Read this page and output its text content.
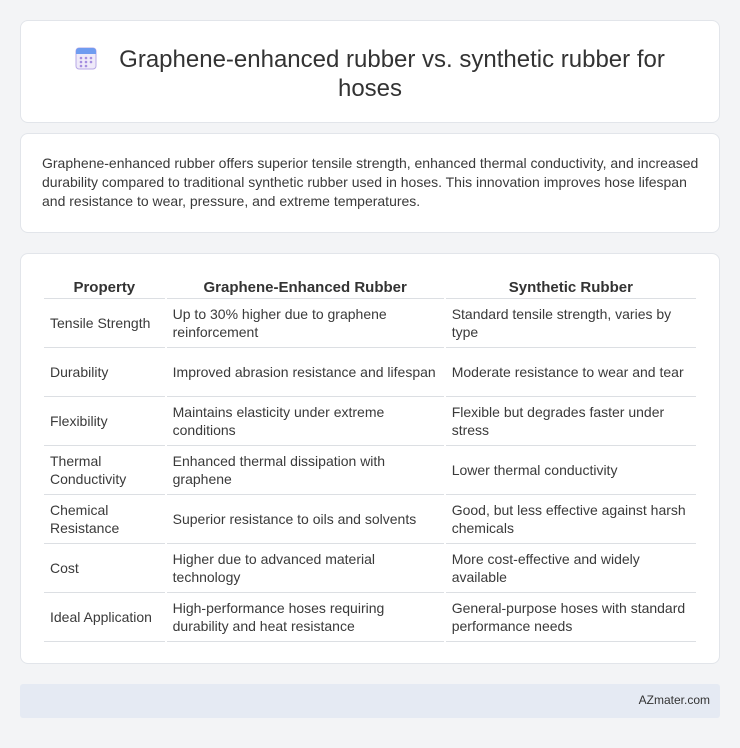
Graphene-enhanced rubber vs. synthetic rubber for hoses

Graphene-enhanced rubber offers superior tensile strength, enhanced thermal conductivity, and increased durability compared to traditional synthetic rubber used in hoses. This innovation improves hose lifespan and resistance to wear, pressure, and extreme temperatures.

Property	Graphene-Enhanced Rubber	Synthetic Rubber
Tensile Strength	Up to 30% higher due to graphene reinforcement	Standard tensile strength, varies by type
Durability	Improved abrasion resistance and lifespan	Moderate resistance to wear and tear
Flexibility	Maintains elasticity under extreme conditions	Flexible but degrades faster under stress
Thermal Conductivity	Enhanced thermal dissipation with graphene	Lower thermal conductivity
Chemical Resistance	Superior resistance to oils and solvents	Good, but less effective against harsh chemicals
Cost	Higher due to advanced material technology	More cost-effective and widely available
Ideal Application	High-performance hoses requiring durability and heat resistance	General-purpose hoses with standard performance needs
AZmater.com
